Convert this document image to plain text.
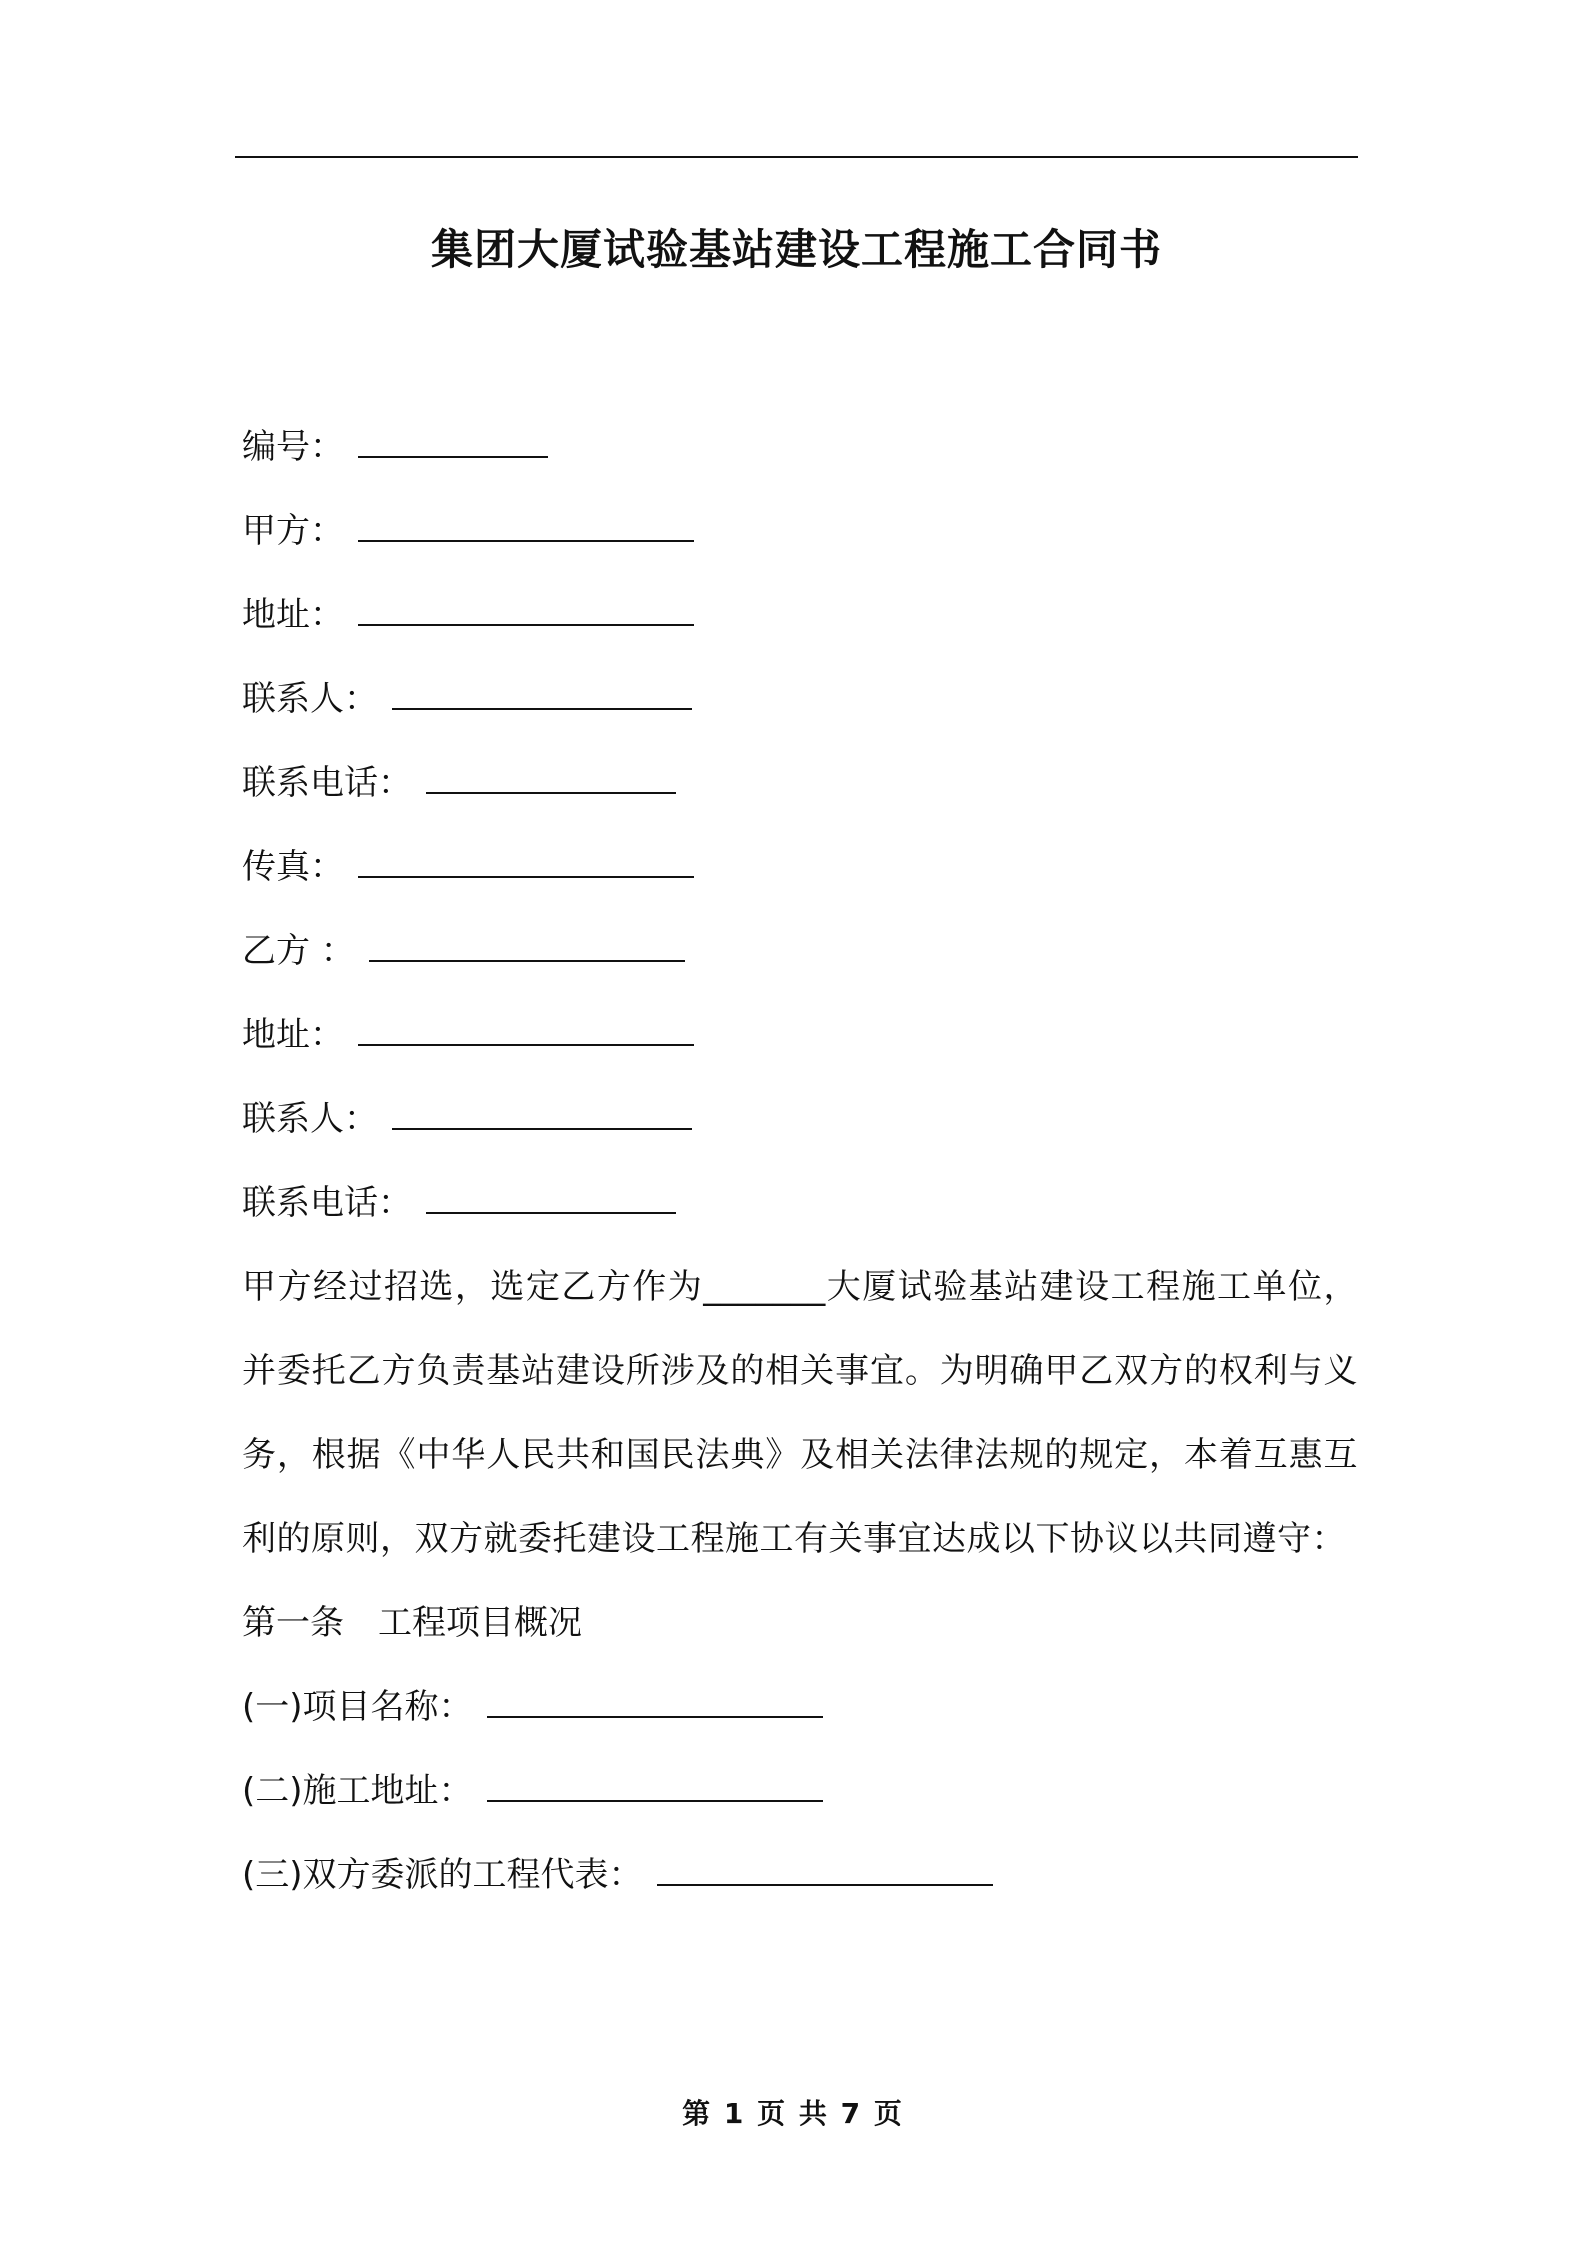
集团大厦试验基站建设工程施工合同书
编号：
甲方：
地址：
联系人：
联系电话：
传真：
乙方 ：
地址：
联系人：
联系电话：

甲方经过招选，选定乙方作为_______大厦试验基站建设工程施工单位，并委托乙方负责基站建设所涉及的相关事宜。为明确甲乙双方的权利与义务，根据《中华人民共和国民法典》及相关法律法规的规定，本着互惠互利的原则，双方就委托建设工程施工有关事宜达成以下协议以共同遵守：

第一条　工程项目概况
(一)项目名称：
(二)施工地址：
(三)双方委派的工程代表：
第 1 页 共 7 页
